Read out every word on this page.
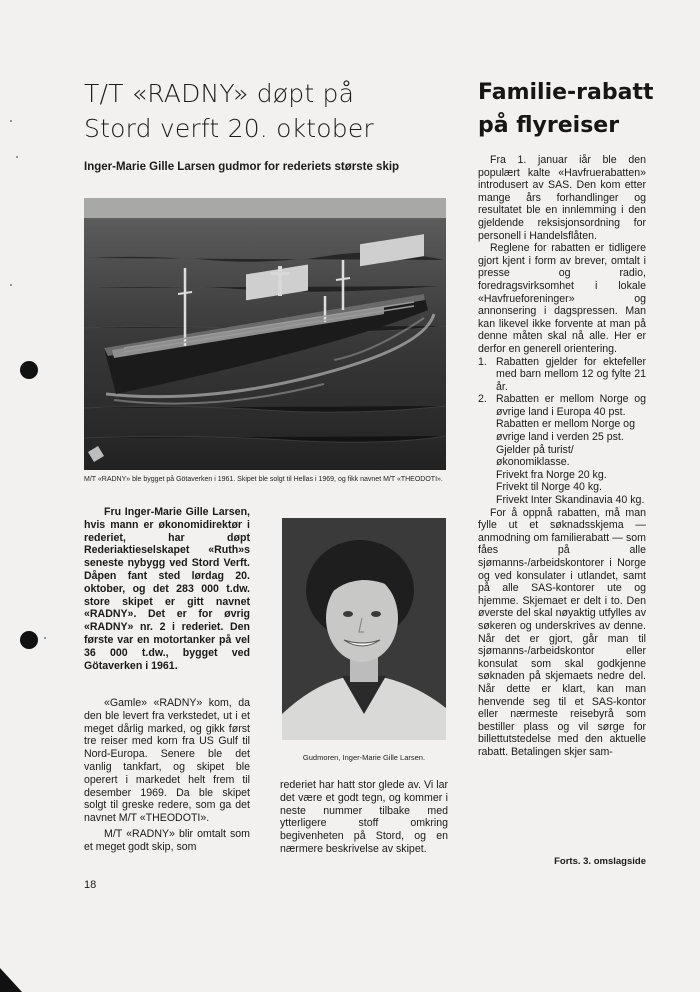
T/T «RADNY» døpt på
Stord verft 20. oktober
Inger-Marie Gille Larsen gudmor for rederiets største skip
M/T «RADNY» ble bygget på Götaverken i 1961. Skipet ble solgt til Hellas i 1969, og fikk navnet M/T «THEODOTI».

Fru Inger-Marie Gille Larsen, hvis mann er økonomidirektør i rederiet, har døpt Rederiaktieselskapet «Ruth»s seneste nybygg ved Stord Verft. Dåpen fant sted lørdag 20. oktober, og det 283 000 t.dw. store skipet er gitt navnet «RADNY». Det er for øvrig «RADNY» nr. 2 i rederiet. Den første var en motortanker på vel 36 000 t.dw., bygget ved Götaverken i 1961.

«Gamle» «RADNY» kom, da den ble levert fra verkstedet, ut i et meget dårlig marked, og gikk først tre reiser med korn fra US Gulf til Nord-Europa. Senere ble det vanlig tankfart, og skipet ble operert i markedet helt frem til desember 1969. Da ble skipet solgt til greske redere, som ga det navnet M/T «THEODOTI».

M/T «RADNY» blir omtalt som et meget godt skip, som

Gudmoren, Inger-Marie Gille Larsen.

rederiet har hatt stor glede av. Vi lar det være et godt tegn, og kommer i neste nummer tilbake med ytterligere stoff omkring begivenheten på Stord, og en nærmere beskrivelse av skipet.

Familie-rabatt
på flyreiser

Fra 1. januar iår ble den populært kalte «Havfruerabatten» introdusert av SAS. Den kom etter mange års forhandlinger og resultatet ble en innlemming i den gjeldende reksisjonsordning for personell i Handelsflåten.

Reglene for rabatten er tidligere gjort kjent i form av brever, omtalt i presse og radio, foredragsvirksomhet i lokale «Havfrueforeninger» og annonsering i dagspressen. Man kan likevel ikke forvente at man på denne måten skal nå alle. Her er derfor en generell orientering.

1. Rabatten gjelder for ektefeller med barn mellom 12 og fylte 21 år.
2. Rabatten er mellom Norge og øvrige land i Europa 40 pst.
Rabatten er mellom Norge og øvrige land i verden 25 pst.
Gjelder på turist/økonomiklasse.
Frivekt fra Norge 20 kg.
Frivekt til Norge 40 kg.
Frivekt Inter Skandinavia 40 kg.

For å oppnå rabatten, må man fylle ut et søknadsskjema — anmodning om familierabatt — som fåes på alle sjømanns-/arbeidskontorer i Norge og ved konsulater i utlandet, samt på alle SAS-kontorer ute og hjemme. Skjemaet er delt i to. Den øverste del skal nøyaktig utfylles av søkeren og underskrives av denne. Når det er gjort, går man til sjømanns-/arbeidskontor eller konsulat som skal godkjenne søknaden på skjemaets nedre del. Når dette er klart, kan man henvende seg til et SAS-kontor eller nærmeste reisebyrå som bestiller plass og vil sørge for billettutstedelse med den aktuelle rabatt. Betalingen skjer sam-

Forts. 3. omslagside
18
